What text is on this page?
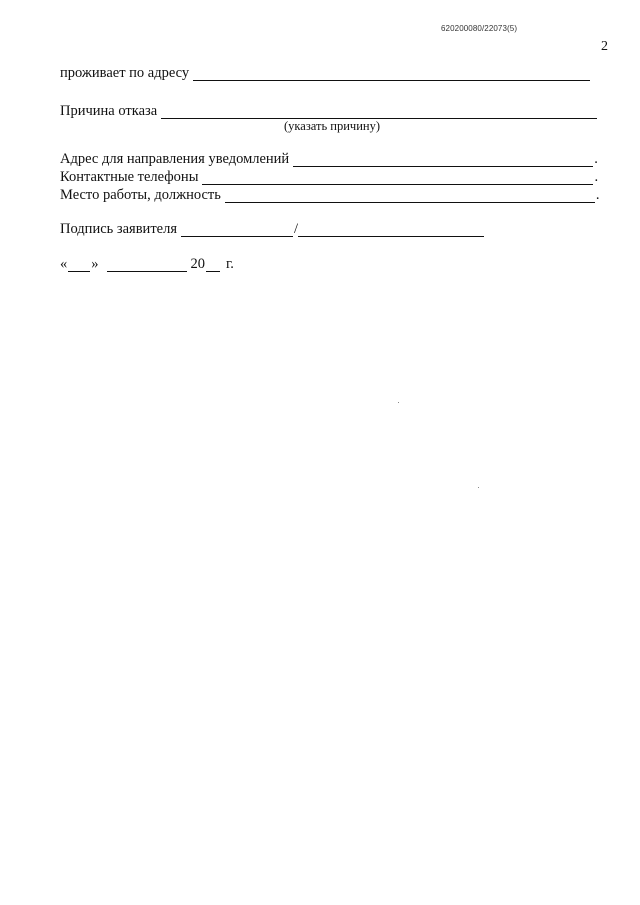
620200080/22073(5)
2
проживает по адресу
Причина отказа
(указать причину)
Адрес для направления уведомлений	.
Контактные телефоны	.
Место работы, должность	.
Подпись заявителя	/
« »	20 г.
